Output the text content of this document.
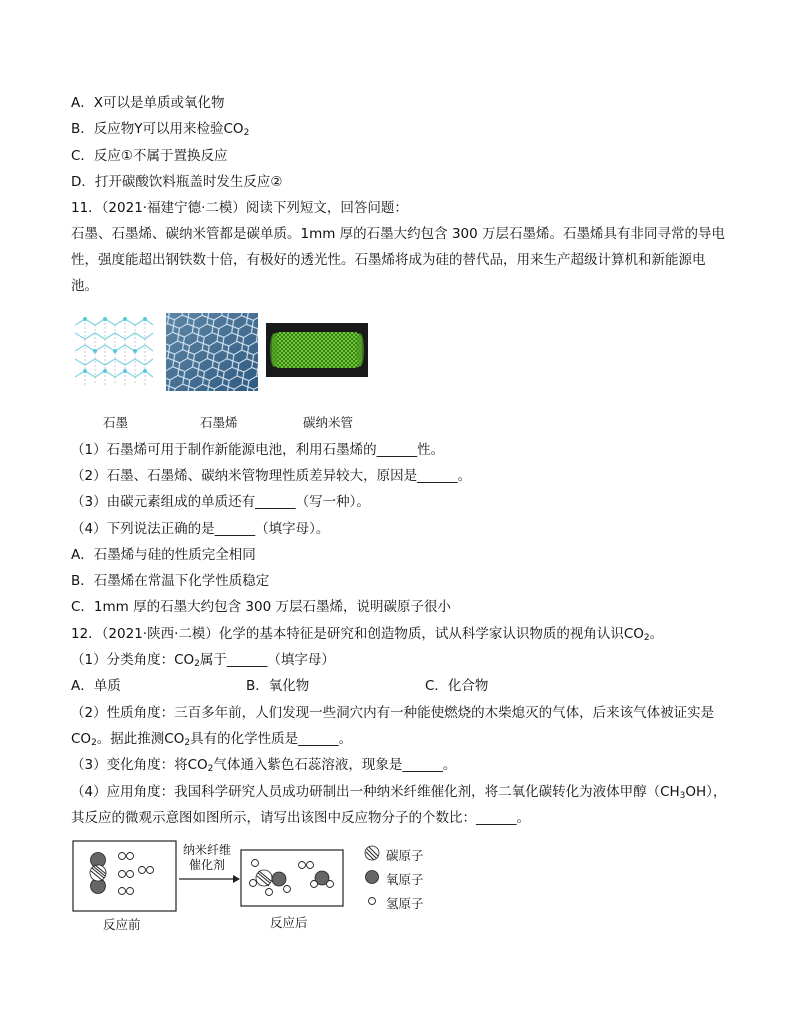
A．X可以是单质或氧化物
B．反应物Y可以用来检验$CO_2$
C．反应①不属于置换反应
D．打开碳酸饮料瓶盖时发生反应②
11．（2021·福建宁德·二模）阅读下列短文，回答问题：
石墨、石墨烯、碳纳米管都是碳单质。1mm 厚的石墨大约包含 300 万层石墨烯。石墨烯具有非同寻常的导电性，强度能超出钢铁数十倍，有极好的透光性。石墨烯将成为硅的替代品，用来生产超级计算机和新能源电池。
石墨	石墨烯	碳纳米管
（1）石墨烯可用于制作新能源电池，利用石墨烯的______性。
（2）石墨、石墨烯、碳纳米管物理性质差异较大，原因是______。
（3）由碳元素组成的单质还有______（写一种）。
（4）下列说法正确的是______（填字母）。
A．石墨烯与硅的性质完全相同
B．石墨烯在常温下化学性质稳定
C．1mm 厚的石墨大约包含 300 万层石墨烯，说明碳原子很小
12．（2021·陕西·二模）化学的基本特征是研究和创造物质，试从科学家认识物质的视角认识$CO_2$。
（1）分类角度：$CO_2$属于______（填字母）
A．单质	B．氧化物	C．化合物
（2）性质角度：三百多年前，人们发现一些洞穴内有一种能使燃烧的木柴熄灭的气体，后来该气体被证实是
$CO_2$。据此推测$CO_2$具有的化学性质是______。
（3）变化角度：将$CO_2$气体通入紫色石蕊溶液，现象是______。
（4）应用角度：我国科学研究人员成功研制出一种纳米纤维催化剂，将二氧化碳转化为液体甲醇$(CH_3OH)$，
其反应的微观示意图如图所示，请写出该图中反应物分子的个数比：______。
反应前
纳米纤维
催化剂
反应后
碳原子
氧原子
氢原子
